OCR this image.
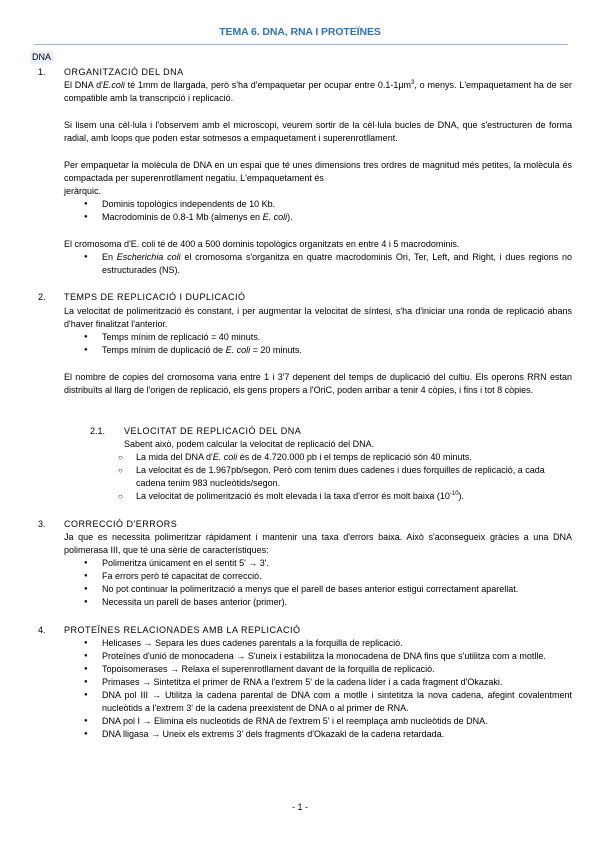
TEMA 6. DNA, RNA I PROTEÏNES
DNA
1.	ORGANITZACIÓ DEL DNA
El DNA d'E.coli té 1mm de llargada, però s'ha d'empaquetar per ocupar entre $0.1-1\mu m^3$, o menys. L'empaquetament ha de ser compatible amb la transcripció i replicació.
Si lisem una cèl·lula i l'observem amb el microscopi, veurem sortir de la cèl·lula bucles de DNA, que s'estructuren de forma radial, amb loops que poden estar sotmesos a empaquetament i superenrotllament.
Per empaquetar la molècula de DNA en un espai que té unes dimensions tres ordres de magnitud més petites, la molècula és compactada per superenrotllament negatiu. L'empaquetament és
jeràrquic.
● Dominis topològics independents de 10 Kb.
● Macrodominis de 0.8-1 Mb (almenys en E. coli).
El cromosoma d'E. coli té de 400 a 500 dominis topològics organitzats en entre 4 i 5 macrodominis.
● En Escherichia coli el cromosoma s'organitza en quatre macrodominis Ori, Ter, Left, and Right, i dues regions no estructurades (NS).
2.	TEMPS DE REPLICACIÓ I DUPLICACIÓ
La velocitat de polimerització és constant, i per augmentar la velocitat de síntesi, s'ha d'iniciar una ronda de replicació abans d'haver finalitzat l'anterior.
● Temps mínim de replicació = 40 minuts.
● Temps mínim de duplicació de E. coli = 20 minuts.
El nombre de copies del cromosoma varia entre 1 i 3'7 depenent del temps de duplicació del cultiu. Els operons RRN estan distribuïts al llarg de l'origen de replicació, els gens propers a l'OriC, poden arribar a tenir 4 còpies, i fins i tot 8 còpies.
2.1.	VELOCITAT DE REPLICACIÓ DEL DNA
Sabent això, podem calcular la velocitat de replicació del DNA.
○ La mida del DNA d'E. coli és de 4.720.000 pb i el temps de replicació són 40 minuts.
○ La velocitat és de 1.967pb/segon. Però com tenim dues cadenes i dues forquilles de replicació, a cada cadena tenim 983 nucleòtids/segon.
○ La velocitat de polimerització és molt elevada i la taxa d'error és molt baixa $(10^{-10})$.
3.	CORRECCIÓ D'ERRORS
Ja que es necessita polimeritzar ràpidament i mantenir una taxa d'errors baixa. Això s'aconsegueix gràcies a una DNA polimerasa III, que té una sèrie de característiques:
● Polimeritza únicament en el sentit 5' → 3'.
● Fa errors però té capacitat de correcció.
● No pot continuar la polimerització a menys que el parell de bases anterior estigui correctament aparellat.
● Necessita un parell de bases anterior (primer).
4.	PROTEÏNES RELACIONADES AMB LA REPLICACIÓ
● Helicases → Separa les dues cadenes parentals a la forquilla de replicació.
● Proteïnes d'unió de monocadena → S'uneix i estabilitza la monocadena de DNA fins que s'utilitza com a motlle.
● Topoisomerases → Relaxa el superenrotllament davant de la forquilla de replicació.
● Primases → Sintetitza el primer de RNA a l'extrem 5' de la cadena líder i a cada fragment d'Okazaki.
● DNA pol III → Utilitza la cadena parental de DNA com a motlle i sintetitza la nova cadena, afegint covalentment nucleòtids a l'extrem 3' de la cadena preexistent de DNA o al primer de RNA.
● DNA pol I → Elimina els nucleotids de RNA de l'extrem 5' i el reemplaça amb nucleòtids de DNA.
● DNA lligasa → Uneix els extrems 3' dels fragments d'Okazaki de la cadena retardada.
- 1 -
